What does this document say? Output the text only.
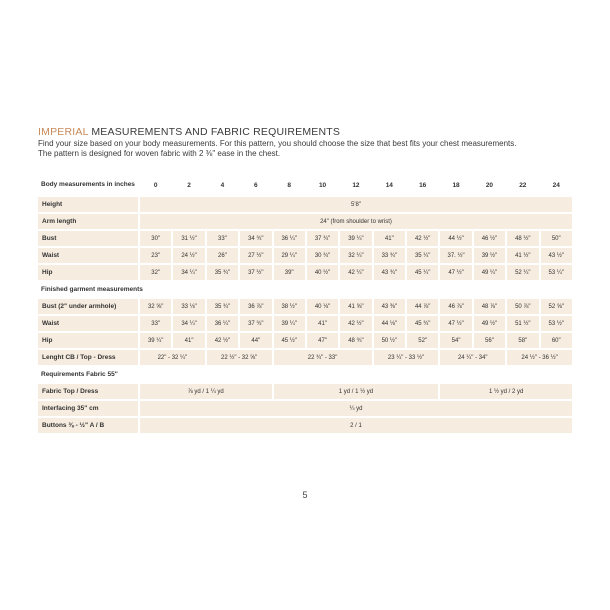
IMPERIAL MEASUREMENTS AND FABRIC REQUIREMENTS
Find your size based on your body measurements. For this pattern, you should choose the size that best fits your chest measurements.
The pattern is designed for woven fabric with 2 ⅜" ease in the chest.
Body measurements in inches	0	2	4	6	8	10	12	14	16	18	20	22	24
Height	5'8"												
Arm length	24" (from shoulder to wrist)												
Bust	30"	31 ½"	33"	34 ¾"	36 ¼"	37 ¾"	39 ¼"	41"	42 ½"	44 ½"	46 ½"	48 ½"	50"
Waist	23"	24 ½"	26"	27 ½"	29 ¼"	30 ¾"	32 ¼"	33 ¾"	35 ¼"	37. ½"	39 ½"	41 ½"	43 ½"
Hip	32"	34 ¼"	35 ¾"	37 ½"	39"	40 ½"	42 ¼"	43 ¾"	45 ¼"	47 ½"	49 ¼"	52 ¼"	53 ¼"
Finished garment measurements													
Bust (2" under armhole)	32 ⅝"	33 ⅛"	35 ¾"	36 ⅞"	38 ½"	40 ⅛"	41 ⅝"	43 ⅜"	44 ⅞"	46 ⅞"	48 ⅞"	50 ⅞"	52 ⅝"
Waist	33"	34 ¼"	36 ¼"	37 ¾"	39 ¼"	41"	42 ½"	44 ⅛"	45 ¾"	47 ½"	49 ½"	51 ½"	53 ½"
Hip	39 ¼"	41"	42 ½"	44"	45 ½"	47"	48 ¾"	50 ½"	52"	54"	56"	58"	60"
Lenght CB / Top - Dress	22" - 32 ¼"		22 ½" - 32 ⅝"		22 ¾" - 33"			23 ¼" - 33 ½"		24 ¼" - 34"		24 ½" - 36 ½"	
Requirements Fabric 55"													
Fabric Top / Dress	⅞ yd / 1 ¼ yd				1 yd / 1 ½ yd					1 ½ yd / 2 yd			
Interfacing 35" cm	¼ yd												
Buttons ⅜ - ½" A / B	2 / 1												
5
